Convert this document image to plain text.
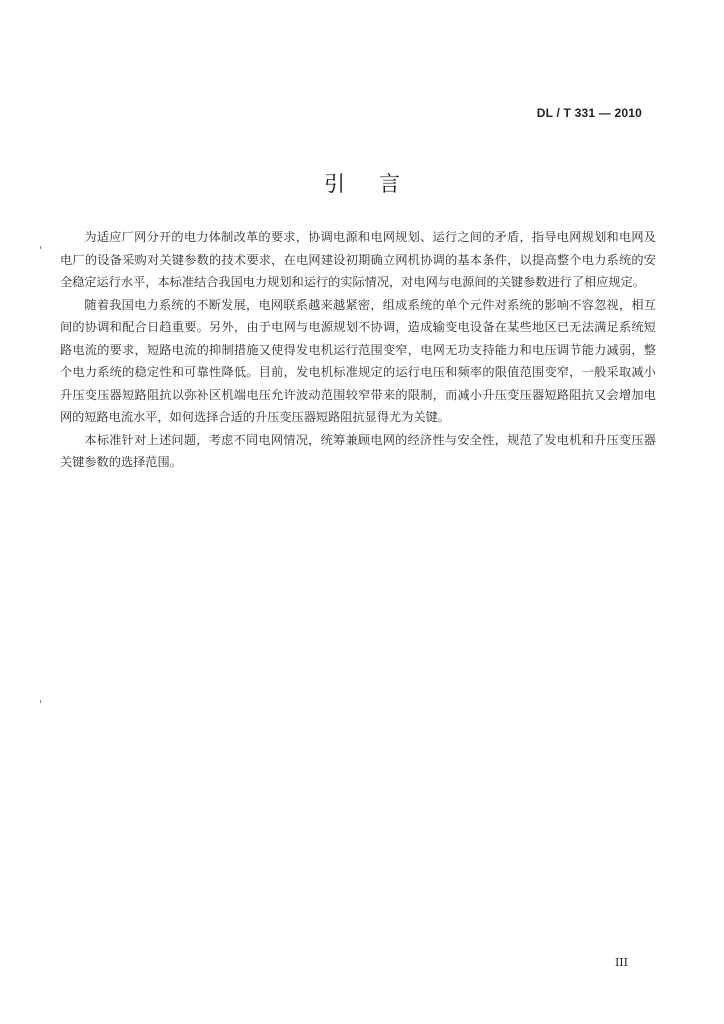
DL / T 331 — 2010
引言

为适应厂网分开的电力体制改革的要求，协调电源和电网规划、运行之间的矛盾，指导电网规划和电网及电厂的设备采购对关键参数的技术要求，在电网建设初期确立网机协调的基本条件，以提高整个电力系统的安全稳定运行水平，本标准结合我国电力规划和运行的实际情况，对电网与电源间的关键参数进行了相应规定。

随着我国电力系统的不断发展，电网联系越来越紧密，组成系统的单个元件对系统的影响不容忽视，相互间的协调和配合日趋重要。另外，由于电网与电源规划不协调，造成输变电设备在某些地区已无法满足系统短路电流的要求，短路电流的抑制措施又使得发电机运行范围变窄，电网无功支持能力和电压调节能力减弱，整个电力系统的稳定性和可靠性降低。目前，发电机标准规定的运行电压和频率的限值范围变窄，一般采取减小升压变压器短路阻抗以弥补区机端电压允许波动范围较窄带来的限制，而减小升压变压器短路阻抗又会增加电网的短路电流水平，如何选择合适的升压变压器短路阻抗显得尤为关键。

本标准针对上述问题，考虑不同电网情况，统筹兼顾电网的经济性与安全性，规范了发电机和升压变压器关键参数的选择范围。

III
